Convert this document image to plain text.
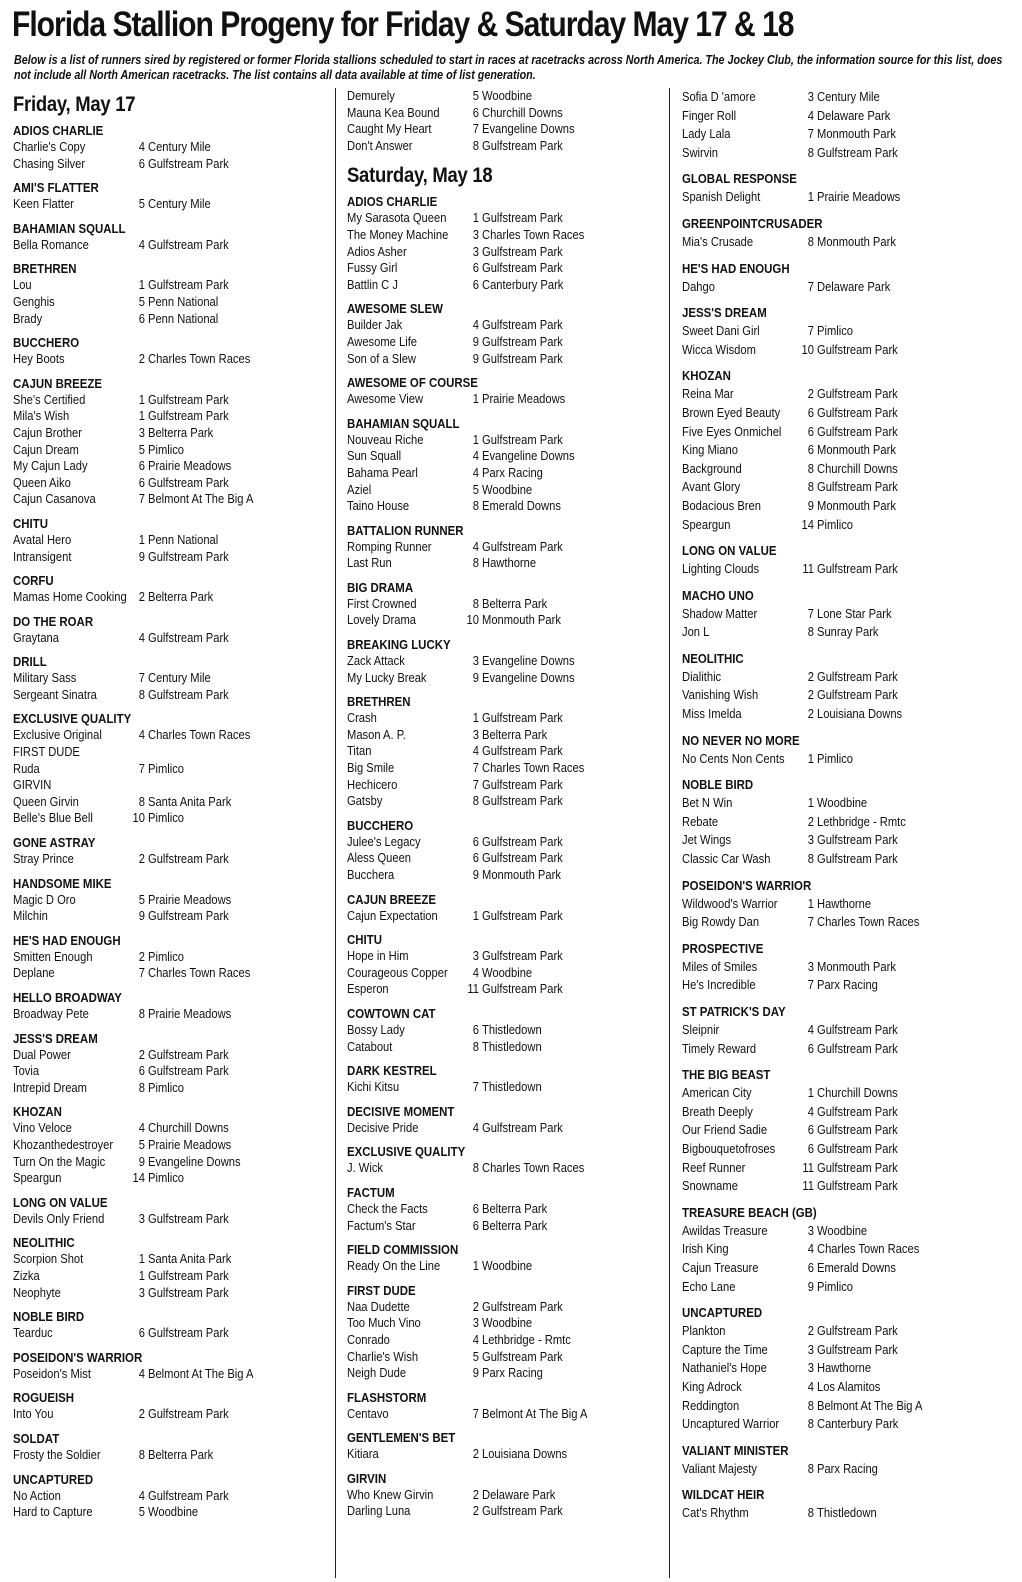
Florida Stallion Progeny for Friday & Saturday May 17 & 18
Below is a list of runners sired by registered or former Florida stallions scheduled to start in races at racetracks across North America. The Jockey Club, the information source for this list, does not include all North American racetracks. The list contains all data available at time of list generation.
Friday, May 17
ADIOS CHARLIE
Charlie's Copy	4 Century Mile
Chasing Silver	6 Gulfstream Park
AMI'S FLATTER
Keen Flatter	5 Century Mile
BAHAMIAN SQUALL
Bella Romance	4 Gulfstream Park
BRETHREN
Lou	1 Gulfstream Park
Genghis	5 Penn National
Brady	6 Penn National
BUCCHERO
Hey Boots	2 Charles Town Races
CAJUN BREEZE
She's Certified	1 Gulfstream Park
Mila's Wish	1 Gulfstream Park
Cajun Brother	3 Belterra Park
Cajun Dream	5 Pimlico
My Cajun Lady	6 Prairie Meadows
Queen Aiko	6 Gulfstream Park
Cajun Casanova	7 Belmont At The Big A
CHITU
Avatal Hero	1 Penn National
Intransigent	9 Gulfstream Park
CORFU
Mamas Home Cooking 2 Belterra Park
DO THE ROAR
Graytana	4 Gulfstream Park
DRILL
Military Sass	7 Century Mile
Sergeant Sinatra	8 Gulfstream Park
EXCLUSIVE QUALITY
Exclusive Original	4 Charles Town Races
FIRST DUDE
Ruda	7 Pimlico
GIRVIN
Queen Girvin	8 Santa Anita Park
Belle's Blue Bell	10 Pimlico
GONE ASTRAY
Stray Prince	2 Gulfstream Park
HANDSOME MIKE
Magic D Oro	5 Prairie Meadows
Milchin	9 Gulfstream Park
HE'S HAD ENOUGH
Smitten Enough	2 Pimlico
Deplane	7 Charles Town Races
HELLO BROADWAY
Broadway Pete	8 Prairie Meadows
JESS'S DREAM
Dual Power	2 Gulfstream Park
Tovia	6 Gulfstream Park
Intrepid Dream	8 Pimlico
KHOZAN
Vino Veloce	4 Churchill Downs
Khozanthedestroyer	5 Prairie Meadows
Turn On the Magic	9 Evangeline Downs
Speargun	14 Pimlico
LONG ON VALUE
Devils Only Friend	3 Gulfstream Park
NEOLITHIC
Scorpion Shot	1 Santa Anita Park
Zizka	1 Gulfstream Park
Neophyte	3 Gulfstream Park
NOBLE BIRD
Tearduc	6 Gulfstream Park
POSEIDON'S WARRIOR
Poseidon's Mist	4 Belmont At The Big A
ROGUEISH
Into You	2 Gulfstream Park
SOLDAT
Frosty the Soldier	8 Belterra Park
UNCAPTURED
No Action	4 Gulfstream Park
Hard to Capture	5 Woodbine
Demurely	5 Woodbine
Mauna Kea Bound	6 Churchill Downs
Caught My Heart	7 Evangeline Downs
Don't Answer	8 Gulfstream Park
Saturday, May 18
ADIOS CHARLIE
My Sarasota Queen	1 Gulfstream Park
The Money Machine	3 Charles Town Races
Adios Asher	3 Gulfstream Park
Fussy Girl	6 Gulfstream Park
Battlin C J	6 Canterbury Park
AWESOME SLEW
Builder Jak	4 Gulfstream Park
Awesome Life	9 Gulfstream Park
Son of a Slew	9 Gulfstream Park
AWESOME OF COURSE
Awesome View	1 Prairie Meadows
BAHAMIAN SQUALL
Nouveau Riche	1 Gulfstream Park
Sun Squall	4 Evangeline Downs
Bahama Pearl	4 Parx Racing
Aziel	5 Woodbine
Taino House	8 Emerald Downs
BATTALION RUNNER
Romping Runner	4 Gulfstream Park
Last Run	8 Hawthorne
BIG DRAMA
First Crowned	8 Belterra Park
Lovely Drama	10 Monmouth Park
BREAKING LUCKY
Zack Attack	3 Evangeline Downs
My Lucky Break	9 Evangeline Downs
BRETHREN
Crash	1 Gulfstream Park
Mason A. P.	3 Belterra Park
Titan	4 Gulfstream Park
Big Smile	7 Charles Town Races
Hechicero	7 Gulfstream Park
Gatsby	8 Gulfstream Park
BUCCHERO
Julee's Legacy	6 Gulfstream Park
Aless Queen	6 Gulfstream Park
Bucchera	9 Monmouth Park
CAJUN BREEZE
Cajun Expectation	1 Gulfstream Park
CHITU
Hope in Him	3 Gulfstream Park
Courageous Copper	4 Woodbine
Esperon	11 Gulfstream Park
COWTOWN CAT
Bossy Lady	6 Thistledown
Catabout	8 Thistledown
DARK KESTREL
Kichi Kitsu	7 Thistledown
DECISIVE MOMENT
Decisive Pride	4 Gulfstream Park
EXCLUSIVE QUALITY
J. Wick	8 Charles Town Races
FACTUM
Check the Facts	6 Belterra Park
Factum's Star	6 Belterra Park
FIELD COMMISSION
Ready On the Line	1 Woodbine
FIRST DUDE
Naa Dudette	2 Gulfstream Park
Too Much Vino	3 Woodbine
Conrado	4 Lethbridge - Rmtc
Charlie's Wish	5 Gulfstream Park
Neigh Dude	9 Parx Racing
FLASHSTORM
Centavo	7 Belmont At The Big A
GENTLEMEN'S BET
Kitiara	2 Louisiana Downs
GIRVIN
Who Knew Girvin	2 Delaware Park
Darling Luna	2 Gulfstream Park
Sofia D 'amore	3 Century Mile
Finger Roll	4 Delaware Park
Lady Lala	7 Monmouth Park
Swirvin	8 Gulfstream Park
GLOBAL RESPONSE
Spanish Delight	1 Prairie Meadows
GREENPOINTCRUSADER
Mia's Crusade	8 Monmouth Park
HE'S HAD ENOUGH
Dahgo	7 Delaware Park
JESS'S DREAM
Sweet Dani Girl	7 Pimlico
Wicca Wisdom	10 Gulfstream Park
KHOZAN
Reina Mar	2 Gulfstream Park
Brown Eyed Beauty	6 Gulfstream Park
Five Eyes Onmichel	6 Gulfstream Park
King Miano	6 Monmouth Park
Background	8 Churchill Downs
Avant Glory	8 Gulfstream Park
Bodacious Bren	9 Monmouth Park
Speargun	14 Pimlico
LONG ON VALUE
Lighting Clouds	11 Gulfstream Park
MACHO UNO
Shadow Matter	7 Lone Star Park
Jon L	8 Sunray Park
NEOLITHIC
Dialithic	2 Gulfstream Park
Vanishing Wish	2 Gulfstream Park
Miss Imelda	2 Louisiana Downs
NO NEVER NO MORE
No Cents Non Cents	1 Pimlico
NOBLE BIRD
Bet N Win	1 Woodbine
Rebate	2 Lethbridge - Rmtc
Jet Wings	3 Gulfstream Park
Classic Car Wash	8 Gulfstream Park
POSEIDON'S WARRIOR
Wildwood's Warrior	1 Hawthorne
Big Rowdy Dan	7 Charles Town Races
PROSPECTIVE
Miles of Smiles	3 Monmouth Park
He's Incredible	7 Parx Racing
ST PATRICK'S DAY
Sleipnir	4 Gulfstream Park
Timely Reward	6 Gulfstream Park
THE BIG BEAST
American City	1 Churchill Downs
Breath Deeply	4 Gulfstream Park
Our Friend Sadie	6 Gulfstream Park
Bigbouquetofroses	6 Gulfstream Park
Reef Runner	11 Gulfstream Park
Snowname	11 Gulfstream Park
TREASURE BEACH (GB)
Awildas Treasure	3 Woodbine
Irish King	4 Charles Town Races
Cajun Treasure	6 Emerald Downs
Echo Lane	9 Pimlico
UNCAPTURED
Plankton	2 Gulfstream Park
Capture the Time	3 Gulfstream Park
Nathaniel's Hope	3 Hawthorne
King Adrock	4 Los Alamitos
Reddington	8 Belmont At The Big A
Uncaptured Warrior	8 Canterbury Park
VALIANT MINISTER
Valiant Majesty	8 Parx Racing
WILDCAT HEIR
Cat's Rhythm	8 Thistledown
